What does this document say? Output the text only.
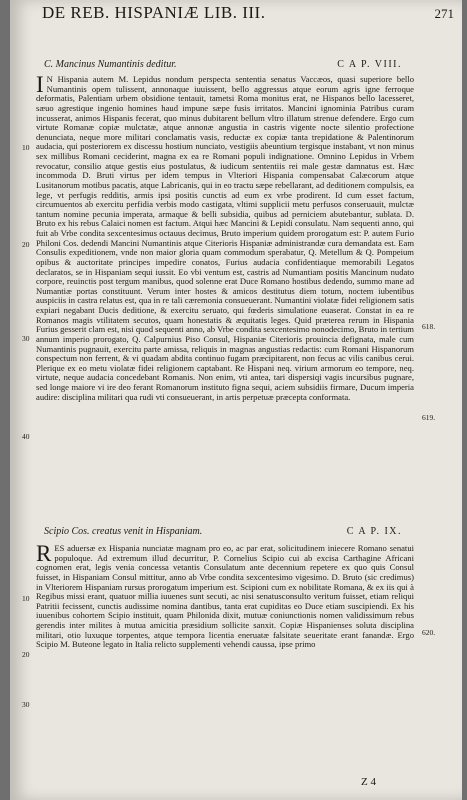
DE REB. HISPANIÆ LIB. III.	271
C. Mancinus Numantinis deditur.	C A P. VIII.

I N Hispania autem M. Lepidus nondum perspecta sententia senatus Vaccæos, quasi superiore bello Numantinis opem tulissent, annonaque iuuissent, bello aggressus atque eorum agris igne ferroque deformatis, Palentiam urbem obsidione tentauit, tametsi Roma monitus erat, ne Hispanos bello lacesseret, sæuo agrestique ingenio homines haud impune sæpe fusis irritatos. Mancini ignominia Patribus curam incusserat, animos Hispanis fecerat, quo minus dubitarent bellum vltro illatum strenue defendere. Ergo cum virtute Romanæ copiæ mulctatæ, atque annonæ angustia in castris vigente nocte silentio profectione denunciata, neque more militari conclamatis vasis, reductæ ex copiæ tanta trepidatione & Palentinorum audacia, qui posteriorem ex discessu hostium nunciato, vestigiis abeuntium tergisque instabant, vt non minus sex millibus Romani ceciderint, magna ex ea re Romani populi indignatione. Omnino Lepidus in Vrbem revocatur, consilio atque gestis eius postulatus, & iudicum sententiis rei male gestæ damnatus est. Hæc incommoda D. Bruti virtus per idem tempus in Vlteriori Hispania compensabat Calæcorum atque Lusitanorum motibus pacatis, atque Labricanis, qui in eo tractu sæpe rebellarant, ad deditionem compulsis, ea lege, vt perfugis redditis, armis ipsi positis cunctis ad eum ex vrbe prodirent. Id cum esset factum, circumuentos ab exercitu perfidia verbis modo castigata, vltimi supplicii metu perfusos conseruauit, mulctæ tantum nomine pecunia imperata, armaque & belli subsidia, quibus ad perniciem abutebantur, sublata. D. Bruto ex his rebus Calaici nomen est factum. Atqui hæc Mancini & Lepidi consulatu. Nam sequenti anno, qui fuit ab Vrbe condita sexcentesimus octauus decimus, Bruto imperium quidem prorogatum est: P. autem Furio Philoni Cos. dedendi Mancini Numantinis atque Citerioris Hispaniæ administrandæ cura demandata est. Eam Consulis expeditionem, vnde non maior gloria quam commodum sperabatur, Q. Metellum & Q. Pompeium opibus & auctoritate principes impedire conatos, Furius audacia confidentiaque memorabili Legatos declaratos, se in Hispaniam sequi iussit. Eo vbi ventum est, castris ad Numantiam positis Mancinum nudato corpore, reuinctis post tergum manibus, quod solenne erat Duce Romano hostibus dedendo, summo mane ad Numantiæ portas constituunt. Verum inter hostes & amicos destitutus diem totum, noctem iubentibus auspiciis in castra relatus est, qua in re tali cæremonia consueuerant. Numantini violatæ fidei religionem satis expiari negabant Ducis deditione, & exercitu seruato, qui fœderis simulatione euaserat. Constat in ea re Romanos magis vtilitatem secutos, quam honestatis & æquitatis leges. Quid præterea rerum in Hispania Furius gesserit clam est, nisi quod sequenti anno, ab Vrbe condita sexcentesimo nonodecimo, Bruto in tertium annum imperio prorogato, Q. Calpurnius Piso Consul, Hispaniæ Citerioris prouincia defignata, male cum Numantinis pugnauit, exercitu parte amissa, reliquis in magnas angustias redactis: cum Romani Hispanorum conspectum non ferrent, & vi quadam abdita continuo fugam præcipitarent, non fecus ac vilis canibus cerui. Plerique ex eo metu violatæ fidei religionem captabant. Re Hispani neq. virium armorum eo tempore, neq. virtute, neque audacia concedebant Romanis. Non enim, vti antea, tari dispersiqi vagis incursibus pugnare, sed longe maiore vi ire deo ferant Romanorum instituto figna sequi, aciem subsidiis firmare, Ducum imperia audire: disciplina militari qua rudi vti consueuerant, in artis perpetuæ præcepta conformata.

Scipio Cos. creatus venit in Hispaniam.	C A P. IX.

R ES aduersæ ex Hispania nunciatæ magnam pro eo, ac par erat, solicitudinem iniecere Romano senatui populoque. Ad extremum illud decurritur, P. Cornelius Scipio cui ab excisa Carthagine Africani cognomen erat, legis venia concessa vetantis Consulatum ante decennium repetere ex quo quis Consul fuisset, in Hispaniam Consul mittitur, anno ab Vrbe condita sexcentesimo vigesimo. D. Bruto (sic credimus) in Vlteriorem Hispaniam rursus prorogatum imperium est. Scipioni cum ex nobilitate Romana, & ex iis qui à Regibus missi erant, quatuor millia iuuenes sunt secuti, ac nisi senatusconsulto veritum fuisset, etiam reliqui Patritii fecissent, cunctis audissime nomina dantibus, tanta erat cupiditas eo Duce etiam suscipiendi. Ex his iuuenibus cohortem Scipio instituit, quam Philonida dixit, mutuæ coniunctionis nomen validissimum rebus gerendis inter milites à mutua amicitia præsidium sollicite sanxit. Copiæ Hispanienses soluta disciplina militari, otio luxuque torpentes, atque tempora licentia eneruatæ falsitate seueritate erant fanandæ. Ergo Scipio M. Buteone legato in Italia relicto supplementi vehendi caussa, ipse primo

10
20
30
40
10
20
30
618.
619.
620.
Z 4
